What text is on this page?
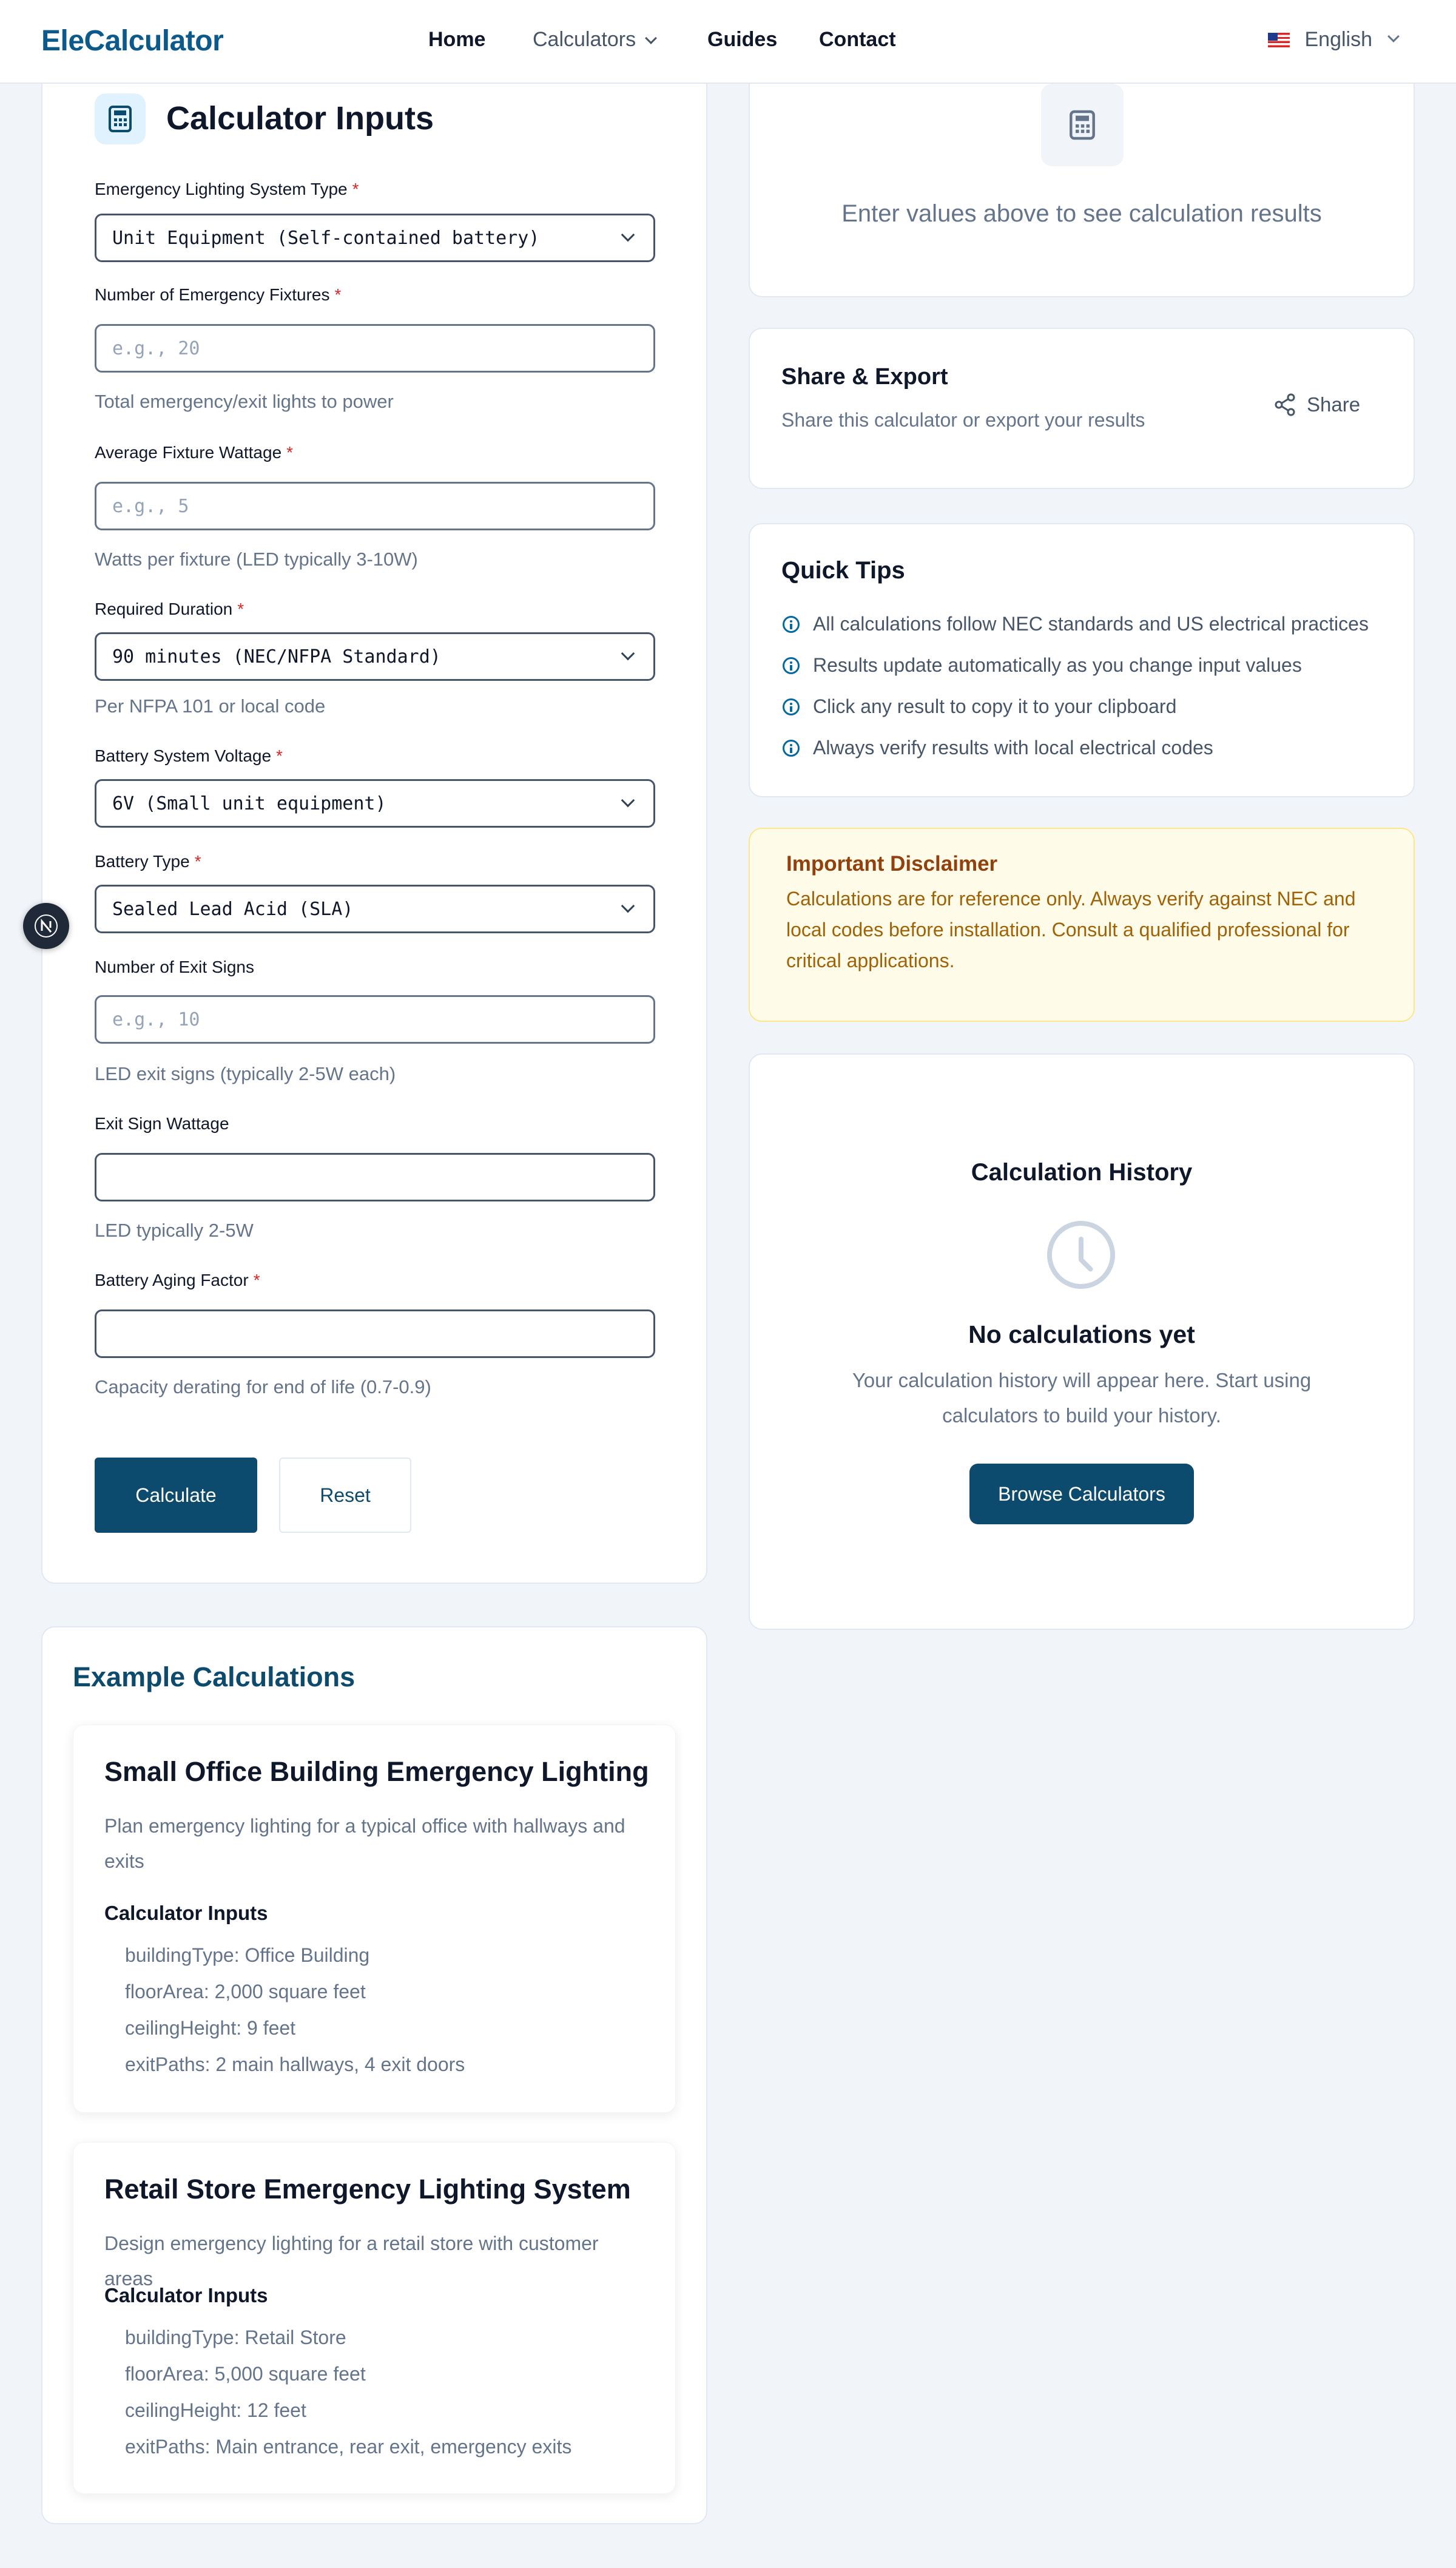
EleCalculator	Home Calculators	Guides Contact	English
Calculator Inputs
Emergency Lighting System Type *
Unit Equipment (Self-contained battery)
Number of Emergency Fixtures *
e.g., 20
Total emergency/exit lights to power
Average Fixture Wattage *
e.g., 5
Watts per fixture (LED typically 3-10W)
Required Duration *
90 minutes (NEC/NFPA Standard)
Per NFPA 101 or local code
Battery System Voltage *
6V (Small unit equipment)
Battery Type *
Sealed Lead Acid (SLA)
Number of Exit Signs
e.g., 10
LED exit signs (typically 2-5W each)
Exit Sign Wattage
LED typically 2-5W
Battery Aging Factor *
Capacity derating for end of life (0.7-0.9)
Calculate	Reset
Enter values above to see calculation results
Share & Export
Share this calculator or export your results
Share
Quick Tips
All calculations follow NEC standards and US electrical practices
Results update automatically as you change input values
Click any result to copy it to your clipboard
Always verify results with local electrical codes
Important Disclaimer
Calculations are for reference only. Always verify against NEC and local codes before installation. Consult a qualified professional for critical applications.
Calculation History
No calculations yet
Your calculation history will appear here. Start using calculators to build your history.
Browse Calculators
Example Calculations
Small Office Building Emergency Lighting
Plan emergency lighting for a typical office with hallways and exits
Calculator Inputs
buildingType: Office Building
floorArea: 2,000 square feet
ceilingHeight: 9 feet
exitPaths: 2 main hallways, 4 exit doors
Retail Store Emergency Lighting System
Design emergency lighting for a retail store with customer areas
Calculator Inputs
buildingType: Retail Store
floorArea: 5,000 square feet
ceilingHeight: 12 feet
exitPaths: Main entrance, rear exit, emergency exits
